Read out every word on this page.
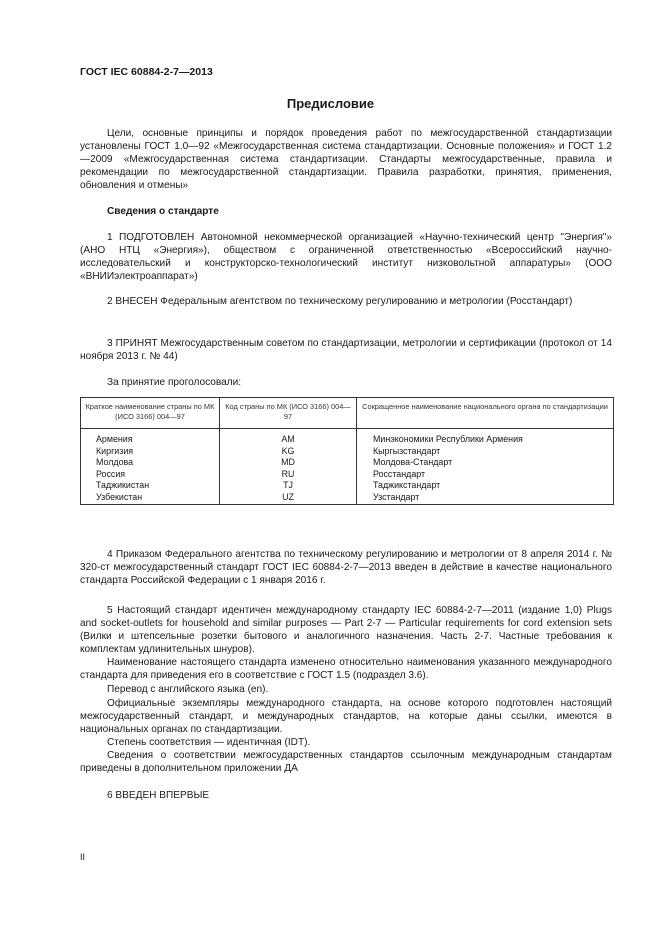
ГОСТ IEC 60884-2-7—2013
Предисловие

Цели, основные принципы и порядок проведения работ по межгосударственной стандартизации установлены ГОСТ 1.0—92 «Межгосударственная система стандартизации. Основные положения» и ГОСТ 1.2—2009 «Межгосударственная система стандартизации. Стандарты межгосударственные, правила и рекомендации по межгосударственной стандартизации. Правила разработки, принятия, применения, обновления и отмены»

Сведения о стандарте

1 ПОДГОТОВЛЕН Автономной некоммерческой организацией «Научно-технический центр "Энергия"» (АНО НТЦ «Энергия»), обществом с ограниченной ответственностью «Всероссийский научно-исследовательский и конструкторско-технологический институт низковольтной аппаратуры» (ООО «ВНИИэлектроаппарат»)

2 ВНЕСЕН Федеральным агентством по техническому регулированию и метрологии (Росстандарт)

3 ПРИНЯТ Межгосударственным советом по стандартизации, метрологии и сертификации (протокол от 14 ноября 2013 г. № 44)

За принятие проголосовали:

Краткое наименование страны по МК (ИСО 3166) 004—97	Код страны по МК (ИСО 3166) 004—97	Сокращенное наименование национального органа по стандартизации
Армения	AM	Минэкономики Республики Армения
Киргизия	KG	Кыргызстандарт
Молдова	MD	Молдова-Стандарт
Россия	RU	Росстандарт
Таджикистан	TJ	Таджикстандарт
Узбекистан	UZ	Узстандарт

4 Приказом Федерального агентства по техническому регулированию и метрологии от 8 апреля 2014 г. № 320-ст межгосударственный стандарт ГОСТ IEC 60884-2-7—2013 введен в действие в качестве национального стандарта Российской Федерации с 1 января 2016 г.

5 Настоящий стандарт идентичен международному стандарту IEC 60884-2-7—2011 (издание 1,0) Plugs and socket-outlets for household and similar purposes — Part 2-7 — Particular requirements for cord extension sets (Вилки и штепсельные розетки бытового и аналогичного назначения. Часть 2-7. Частные требования к комплектам удлинительных шнуров).

Наименование настоящего стандарта изменено относительно наименования указанного международного стандарта для приведения его в соответствие с ГОСТ 1.5 (подраздел 3.6).

Перевод с английского языка (en).

Официальные экземпляры международного стандарта, на основе которого подготовлен настоящий межгосударственный стандарт, и международных стандартов, на которые даны ссылки, имеются в национальных органах по стандартизации.

Степень соответствия — идентичная (IDT).

Сведения о соответствии межгосударственных стандартов ссылочным международным стандартам приведены в дополнительном приложении ДА

6 ВВЕДЕН ВПЕРВЫЕ

II
